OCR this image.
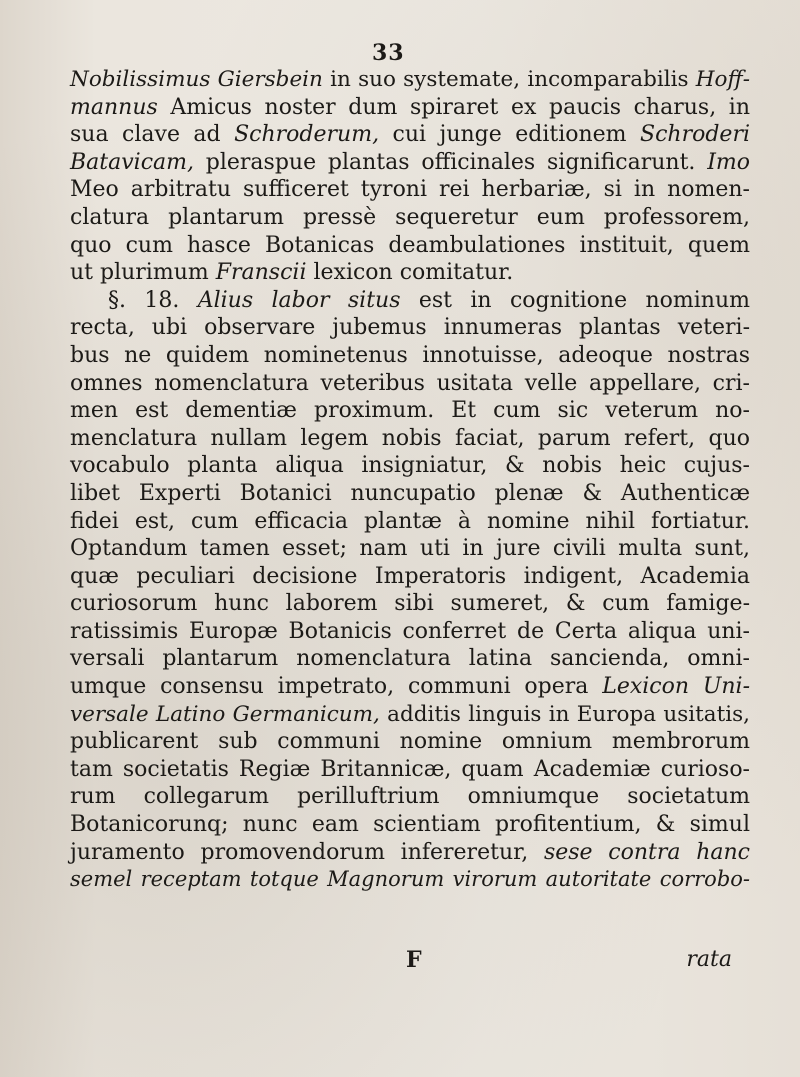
33
Nobilissimus Giersbein in suo systemate, incomparabilis Hoff-
mannus Amicus noster dum spiraret ex paucis charus, in
sua clave ad Schroderum, cui junge editionem Schroderi
Batavicam, pleraspue plantas officinales significarunt. Imo
Meo arbitratu sufficeret tyroni rei herbariæ, si in nomen-
clatura plantarum pressè sequeretur eum professorem,
quo cum hasce Botanicas deambulationes instituit, quem
ut plurimum Franscii lexicon comitatur.
§. 18. Alius labor situs est in cognitione nominum
recta, ubi observare jubemus innumeras plantas veteri-
bus ne quidem nominetenus innotuisse, adeoque nostras
omnes nomenclatura veteribus usitata velle appellare, cri-
men est dementiæ proximum. Et cum sic veterum no-
menclatura nullam legem nobis faciat, parum refert, quo
vocabulo planta aliqua insigniatur, & nobis heic cujus-
libet Experti Botanici nuncupatio plenæ & Authenticæ
fidei est, cum efficacia plantæ à nomine nihil fortiatur.
Optandum tamen esset; nam uti in jure civili multa sunt,
quæ peculiari decisione Imperatoris indigent, Academia
curiosorum hunc laborem sibi sumeret, & cum famige-
ratissimis Europæ Botanicis conferret de Certa aliqua uni-
versali plantarum nomenclatura latina sancienda, omni-
umque consensu impetrato, communi opera Lexicon Uni-
versale Latino Germanicum, additis linguis in Europa usitatis,
publicarent sub communi nomine omnium membrorum
tam societatis Regiæ Britannicæ, quam Academiæ curioso-
rum collegarum perilluftrium omniumque societatum
Botanicorunq; nunc eam scientiam profitentium, & simul
juramento promovendorum infereretur, sese contra hanc
semel receptam totque Magnorum virorum autoritate corrobo-
F	rata
